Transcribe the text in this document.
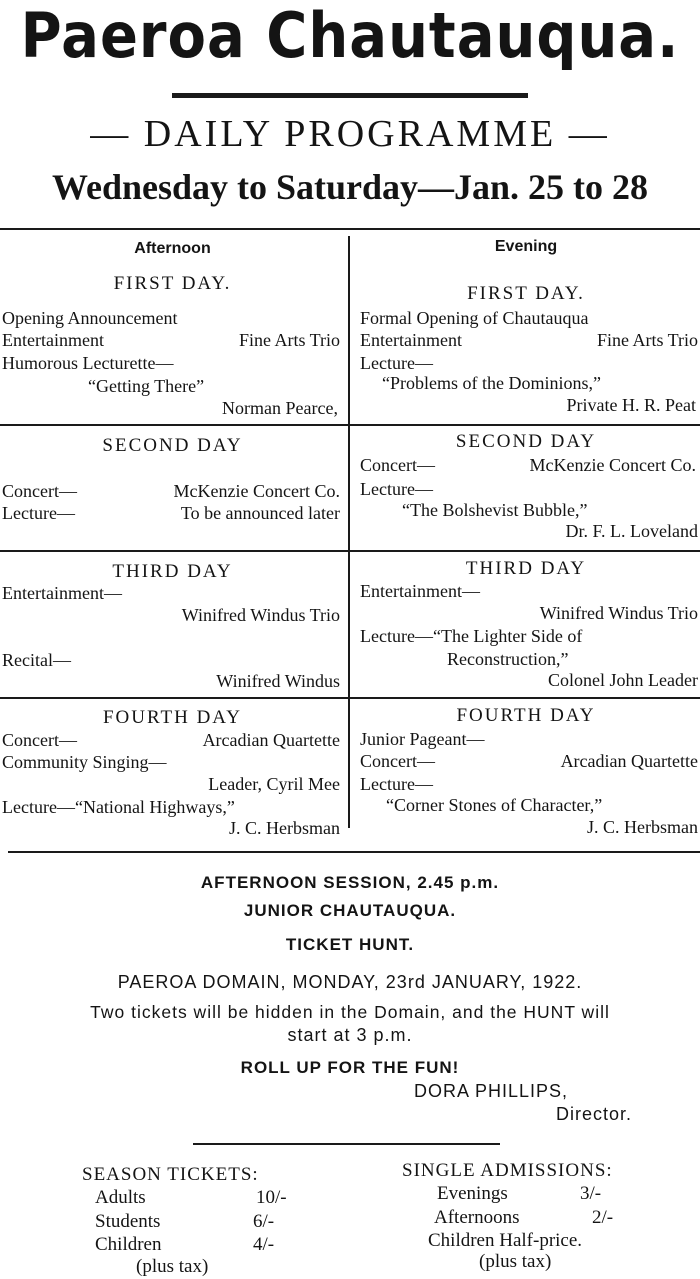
Paeroa Chautauqua.
— DAILY PROGRAMME —
Wednesday to Saturday—Jan. 25 to 28
Afternoon	Evening
FIRST DAY.
Opening Announcement
Entertainment	Fine Arts Trio
Humorous Lecturette—
“Getting There”
Norman Pearce,
FIRST DAY.
Formal Opening of Chautauqua
Entertainment	Fine Arts Trio
Lecture—
“Problems of the Dominions,”
Private H. R. Peat
SECOND DAY
Concert—	McKenzie Concert Co.
Lecture—	To be announced later
SECOND DAY
Concert—	McKenzie Concert Co.
Lecture—
“The Bolshevist Bubble,”
Dr. F. L. Loveland
THIRD DAY
Entertainment—
Winifred Windus Trio
Recital—
Winifred Windus
THIRD DAY
Entertainment—
Winifred Windus Trio
Lecture—“The Lighter Side of
Reconstruction,”
Colonel John Leader
FOURTH DAY
Concert—	Arcadian Quartette
Community Singing—
Leader, Cyril Mee
Lecture—“National Highways,”
J. C. Herbsman
FOURTH DAY
Junior Pageant—
Concert—	Arcadian Quartette
Lecture—
“Corner Stones of Character,”
J. C. Herbsman
AFTERNOON SESSION, 2.45 p.m.
JUNIOR CHAUTAUQUA.
TICKET HUNT.
PAEROA DOMAIN, MONDAY, 23rd JANUARY, 1922.
Two tickets will be hidden in the Domain, and the HUNT will
start at 3 p.m.
ROLL UP FOR THE FUN!
DORA PHILLIPS,
Director.
SEASON TICKETS:
Adults	10/-
Students	6/-
Children	4/-
(plus tax)
SINGLE ADMISSIONS:
Evenings	3/-
Afternoons	2/-
Children Half-price.
(plus tax)
